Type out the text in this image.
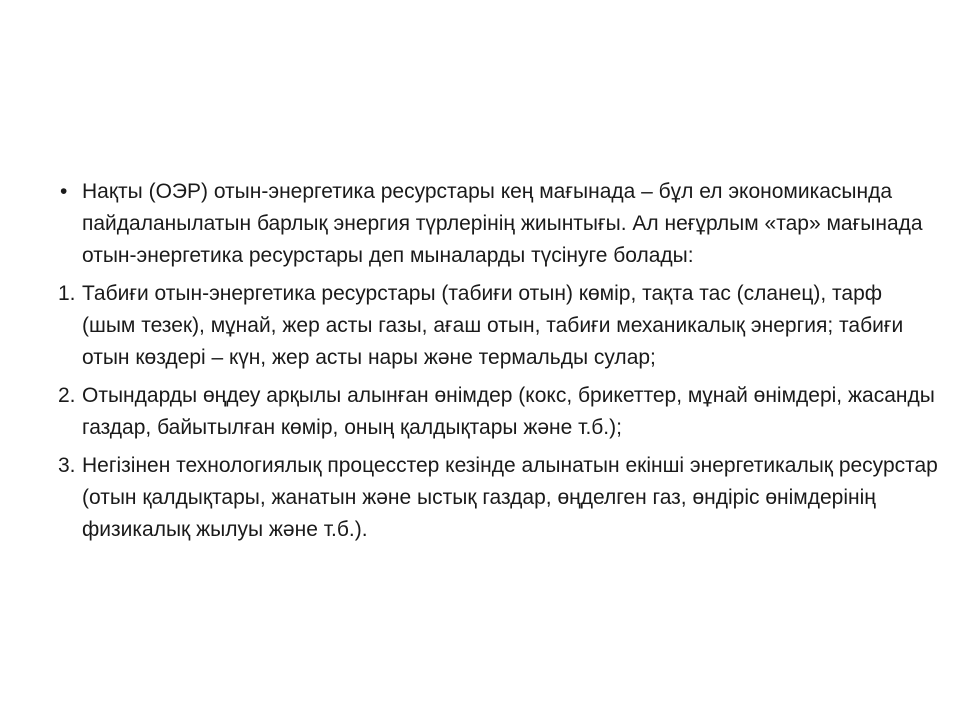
• Нақты (ОЭР) отын-энергетика ресурстары кең мағынада – бұл ел экономикасында пайдаланылатын барлық энергия түрлерінің жиынтығы. Ал неғұрлым «тар» мағынада отын-энергетика ресурстары деп мыналарды түсінуге болады:
1. Табиғи отын-энергетика ресурстары (табиғи отын) көмір, тақта тас (сланец), тарф (шым тезек), мұнай, жер асты газы, ағаш отын, табиғи механикалық энергия; табиғи отын көздері – күн, жер асты нары және термальды сулар;
2. Отындарды өңдеу арқылы алынған өнімдер (кокс, брикеттер, мұнай өнімдері, жасанды газдар, байытылған көмір, оның қалдықтары және т.б.);
3. Негізінен технологиялық процесстер кезінде алынатын екінші энергетикалық ресурстар (отын қалдықтары, жанатын және ыстық газдар, өңделген газ, өндіріс өнімдерінің физикалық жылуы және т.б.).
